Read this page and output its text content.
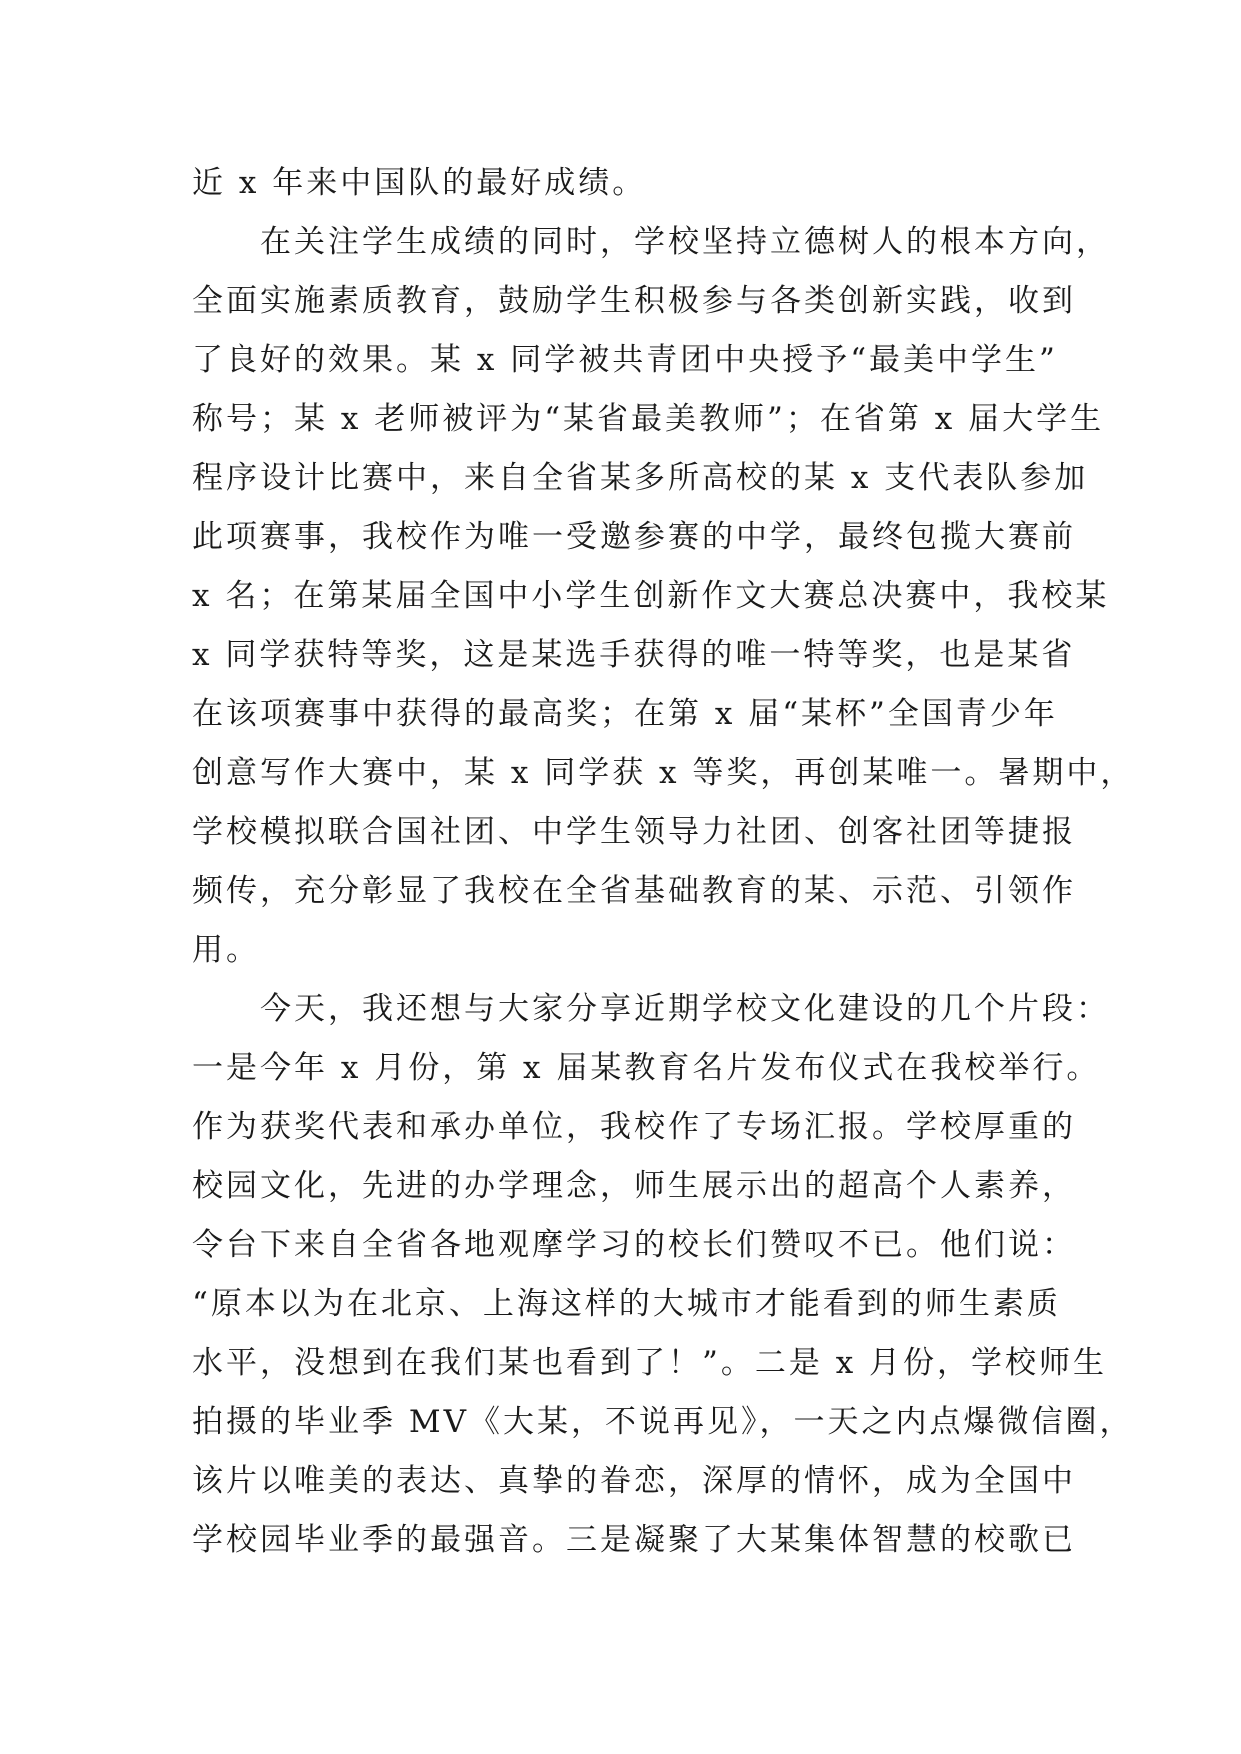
近 x 年来中国队的最好成绩。
在关注学生成绩的同时，学校坚持立德树人的根本方向，
全面实施素质教育，鼓励学生积极参与各类创新实践，收到
了良好的效果。某 x 同学被共青团中央授予“最美中学生”
称号；某 x 老师被评为“某省最美教师”；在省第 x 届大学生
程序设计比赛中，来自全省某多所高校的某 x 支代表队参加
此项赛事，我校作为唯一受邀参赛的中学，最终包揽大赛前
x 名；在第某届全国中小学生创新作文大赛总决赛中，我校某
x 同学获特等奖，这是某选手获得的唯一特等奖，也是某省
在该项赛事中获得的最高奖；在第 x 届“某杯”全国青少年
创意写作大赛中，某 x 同学获 x 等奖，再创某唯一。暑期中，
学校模拟联合国社团、中学生领导力社团、创客社团等捷报
频传，充分彰显了我校在全省基础教育的某、示范、引领作
用。
今天，我还想与大家分享近期学校文化建设的几个片段：
一是今年 x 月份，第 x 届某教育名片发布仪式在我校举行。
作为获奖代表和承办单位，我校作了专场汇报。学校厚重的
校园文化，先进的办学理念，师生展示出的超高个人素养，
令台下来自全省各地观摩学习的校长们赞叹不已。他们说：
“原本以为在北京、上海这样的大城市才能看到的师生素质
水平，没想到在我们某也看到了！”。二是 x 月份，学校师生
拍摄的毕业季 MV《大某，不说再见》，一天之内点爆微信圈，
该片以唯美的表达、真挚的眷恋，深厚的情怀，成为全国中
学校园毕业季的最强音。三是凝聚了大某集体智慧的校歌已
